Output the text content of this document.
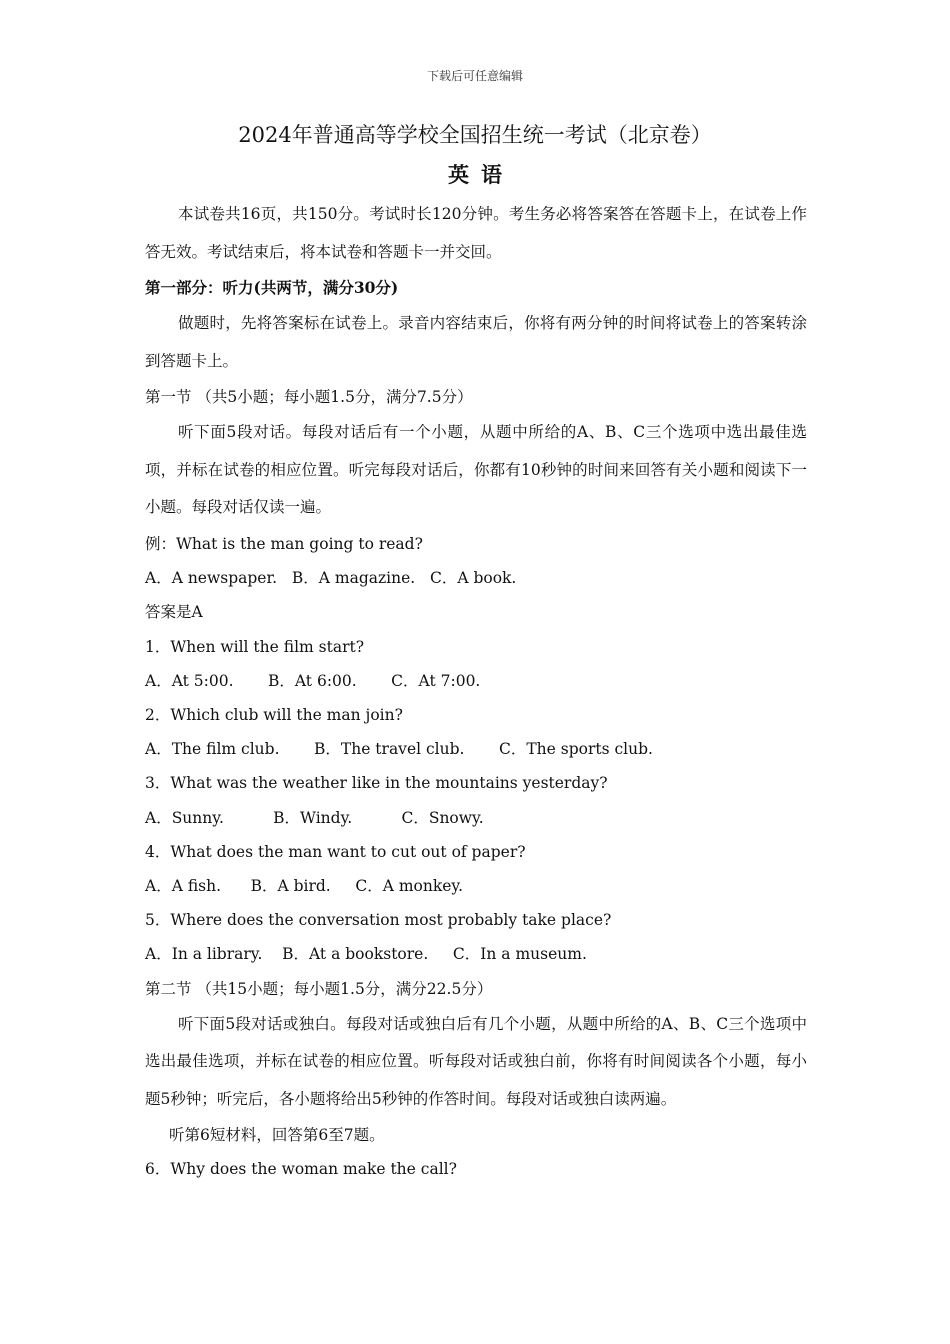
下载后可任意编辑
2024年普通高等学校全国招生统一考试（北京卷）
英语

本试卷共16页，共150分。考试时长120分钟。考生务必将答案答在答题卡上，在试卷上作答无效。考试结束后，将本试卷和答题卡一并交回。

第一部分：听力(共两节，满分30分)

做题时，先将答案标在试卷上。录音内容结束后，你将有两分钟的时间将试卷上的答案转涂到答题卡上。

第一节 （共5小题；每小题1.5分，满分7.5分）

听下面5段对话。每段对话后有一个小题，从题中所给的A、B、C三个选项中选出最佳选项，并标在试卷的相应位置。听完每段对话后，你都有10秒钟的时间来回答有关小题和阅读下一小题。每段对话仅读一遍。

例：What is the man going to read?

A．A newspaper.   B．A magazine.   C．A book.

答案是A

1．When will the film start?

A．At 5:00.       B．At 6:00.       C．At 7:00.

2．Which club will the man join?

A．The film club.       B．The travel club.       C．The sports club.

3．What was the weather like in the mountains yesterday?

A．Sunny.          B．Windy.          C．Snowy.

4．What does the man want to cut out of paper?

A．A fish.      B．A bird.     C．A monkey.

5．Where does the conversation most probably take place?

A．In a library.    B．At a bookstore.     C．In a museum.

第二节 （共15小题；每小题1.5分，满分22.5分）

听下面5段对话或独白。每段对话或独白后有几个小题，从题中所给的A、B、C三个选项中选出最佳选项，并标在试卷的相应位置。听每段对话或独白前，你将有时间阅读各个小题，每小题5秒钟；听完后，各小题将给出5秒钟的作答时间。每段对话或独白读两遍。

听第6短材料，回答第6至7题。

6．Why does the woman make the call?
